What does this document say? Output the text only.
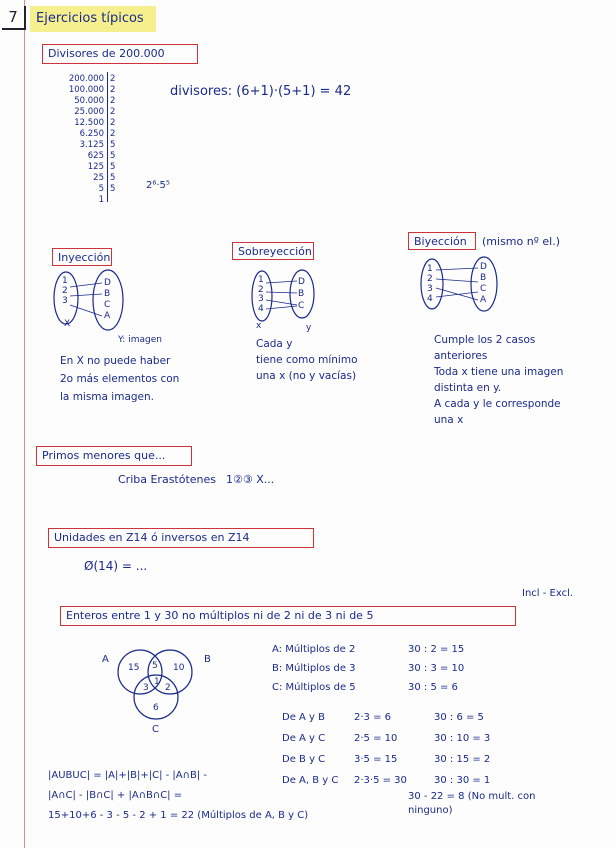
7	Ejercicios típicos

Divisores de 200.000
200.000 2
100.000 2
50.000 2
25.000 2
12.500 2
6.250 2
3.125 5
625 5
125 5
25 5
5 5
1
2⁶·5⁵
divisores: (6+1)·(5+1) = 42
Inyección	Sobreyección
Biyección	(mismo nº el.)
1
2
3
D
B
C
A
X
Y: imagen
En X no puede haber
2o más elementos con
la misma imagen.
1
2
3
4
D
B
C
x	y
Cada y
tiene como mínimo
una x (no y vacías)
1
2
3
4
D
B
C
A
Cumple los 2 casos
anteriores
Toda x tiene una imagen
distinta en y.
A cada y le corresponde
una x
Primos menores que...
Criba Erastótenes 1②③ X...
Unidades en Z14 ó inversos en Z14
Ø(14) = ...
Enteros entre 1 y 30 no múltiplos ni de 2 ni de 3 ni de 5
Incl - Excl.
A	B
C
15 5 10
1
3 2
6
A: Múltiplos de 2	30 : 2 = 15
B: Múltiplos de 3	30 : 3 = 10
C: Múltiplos de 5	30 : 5 = 6
De A y B	2·3 = 6	30 : 6 = 5
De A y C	2·5 = 10	30 : 10 = 3
De B y C	3·5 = 15	30 : 15 = 2
De A, B y C 2·3·5 = 30	30 : 30 = 1
|AUBUC| = |A|+|B|+|C| - |A∩B| -
|A∩C| - |B∩C| + |A∩B∩C| =
15+10+6 - 3 - 5 - 2 + 1 = 22 (Múltiplos de A, B y C)
30 - 22 = 8 (No mult. con ninguno)
